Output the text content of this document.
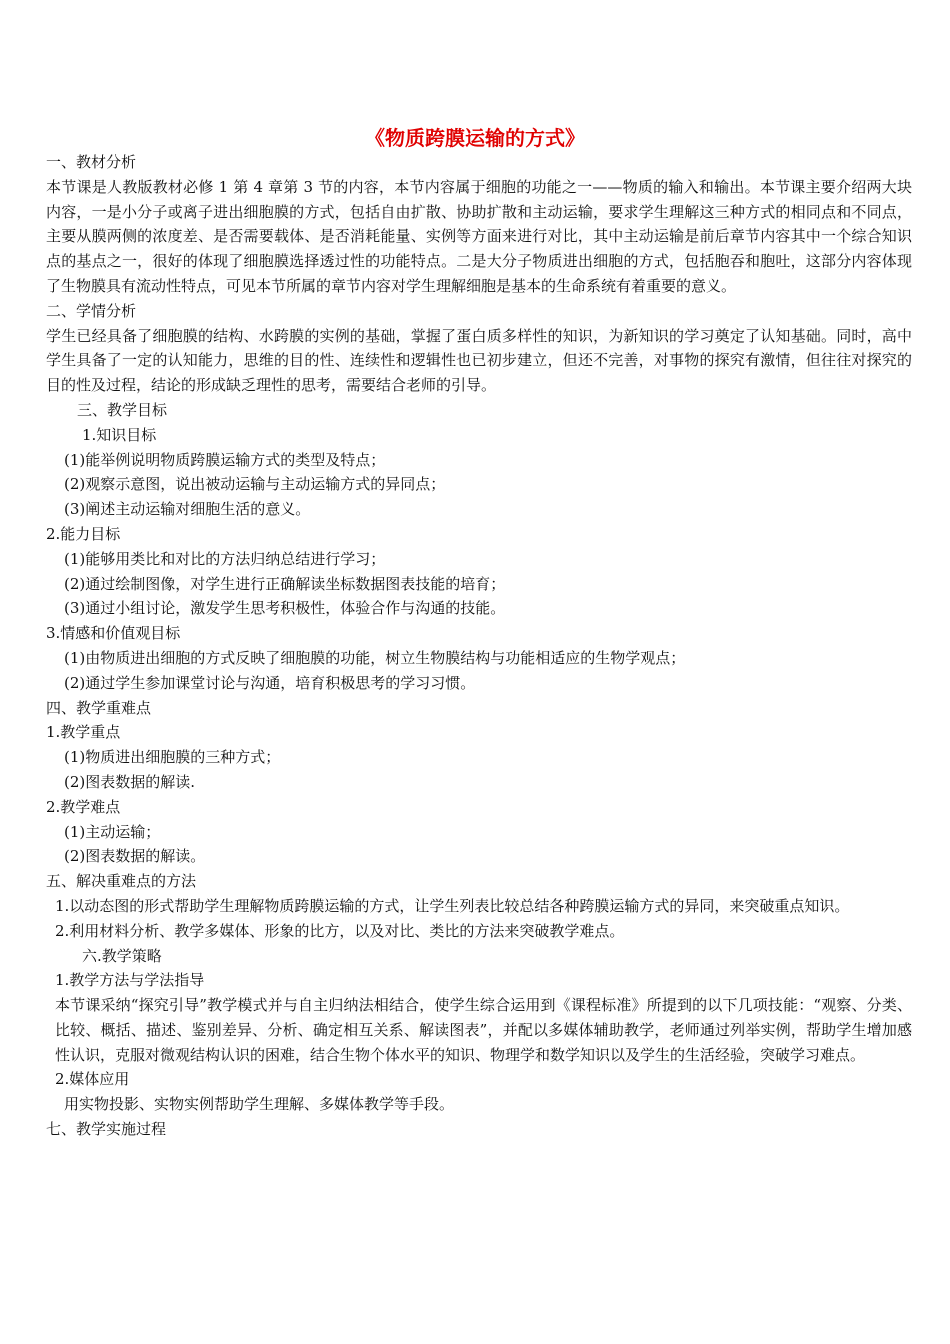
《物质跨膜运输的方式》

一、教材分析

本节课是人教版教材必修 1 第 4 章第 3 节的内容，本节内容属于细胞的功能之一——物质的输入和输出。本节课主要介绍两大块内容，一是小分子或离子进出细胞膜的方式，包括自由扩散、协助扩散和主动运输，要求学生理解这三种方式的相同点和不同点，主要从膜两侧的浓度差、是否需要载体、是否消耗能量、实例等方面来进行对比，其中主动运输是前后章节内容其中一个综合知识点的基点之一，很好的体现了细胞膜选择透过性的功能特点。二是大分子物质进出细胞的方式，包括胞吞和胞吐，这部分内容体现了生物膜具有流动性特点，可见本节所属的章节内容对学生理解细胞是基本的生命系统有着重要的意义。

二、学情分析

学生已经具备了细胞膜的结构、水跨膜的实例的基础，掌握了蛋白质多样性的知识，为新知识的学习奠定了认知基础。同时，高中学生具备了一定的认知能力，思维的目的性、连续性和逻辑性也已初步建立，但还不完善，对事物的探究有激情，但往往对探究的目的性及过程，结论的形成缺乏理性的思考，需要结合老师的引导。

三、教学目标

1.知识目标

(1)能举例说明物质跨膜运输方式的类型及特点；

(2)观察示意图，说出被动运输与主动运输方式的异同点；

(3)阐述主动运输对细胞生活的意义。

2.能力目标

(1)能够用类比和对比的方法归纳总结进行学习；

(2)通过绘制图像，对学生进行正确解读坐标数据图表技能的培育；

(3)通过小组讨论，激发学生思考积极性，体验合作与沟通的技能。

3.情感和价值观目标

(1)由物质进出细胞的方式反映了细胞膜的功能，树立生物膜结构与功能相适应的生物学观点；

(2)通过学生参加课堂讨论与沟通，培育积极思考的学习习惯。

四、教学重难点

1.教学重点

(1)物质进出细胞膜的三种方式；

(2)图表数据的解读.

2.教学难点

(1)主动运输；

(2)图表数据的解读。

五、解决重难点的方法

1.以动态图的形式帮助学生理解物质跨膜运输的方式，让学生列表比较总结各种跨膜运输方式的异同，来突破重点知识。

2.利用材料分析、教学多媒体、形象的比方，以及对比、类比的方法来突破教学难点。

六.教学策略

1.教学方法与学法指导

本节课采纳“探究引导”教学模式并与自主归纳法相结合，使学生综合运用到《课程标准》所提到的以下几项技能：“观察、分类、比较、概括、描述、鉴别差异、分析、确定相互关系、解读图表”，并配以多媒体辅助教学，老师通过列举实例，帮助学生增加感性认识，克服对微观结构认识的困难，结合生物个体水平的知识、物理学和数学知识以及学生的生活经验，突破学习难点。

2.媒体应用

用实物投影、实物实例帮助学生理解、多媒体教学等手段。

七、教学实施过程
